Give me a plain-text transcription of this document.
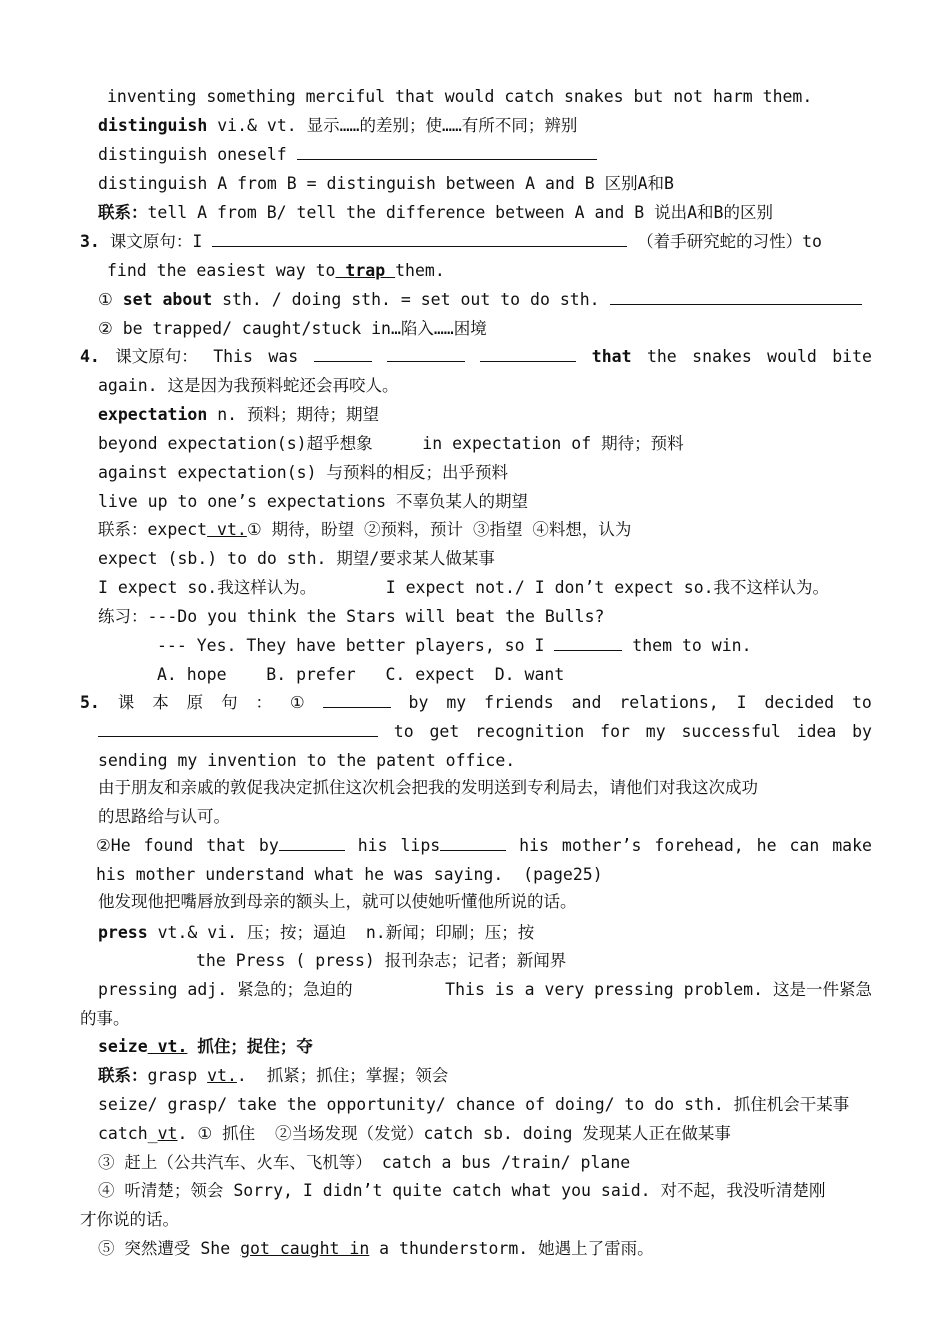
inventing something merciful that would catch snakes but not harm them.
distinguish vi.& vt. 显示……的差别；使……有所不同；辨别
distinguish oneself
distinguish A from B = distinguish between A and B 区别A和B
联系：tell A from B/ tell the difference between A and B 说出A和B的区别
3. 课文原句：I	（着手研究蛇的习性）to
find the easiest way to trap them.
① set about sth. / doing sth. = set out to do sth.
② be trapped/ caught/stuck in…陷入……困境
4. 课文原句： This was	that the snakes would bite
again. 这是因为我预料蛇还会再咬人。
expectation n. 预料；期待；期望
beyond expectation(s)超乎想象     in expectation of 期待；预料
against expectation(s) 与预料的相反；出乎预料
live up to one’s expectations 不辜负某人的期望
联系：expect vt.① 期待，盼望 ②预料，预计 ③指望 ④料想，认为
expect (sb.) to do sth. 期望/要求某人做某事
I expect so.我这样认为。       I expect not./ I don’t expect so.我不这样认为。
练习：---Do you think the Stars will beat the Bulls?
--- Yes. They have better players, so I	them to win.
A. hope    B. prefer   C. expect  D. want
5. 课 本 原 句 ： ①	by my friends and relations, I decided to
to get recognition for my successful idea by
sending my invention to the patent office.
由于朋友和亲戚的敦促我决定抓住这次机会把我的发明送到专利局去，请他们对我这次成功
的思路给与认可。
②He found that by	his lips	his mother’s forehead, he can make
his mother understand what he was saying.  (page25)
他发现他把嘴唇放到母亲的额头上，就可以使她听懂他所说的话。
press vt.& vi. 压；按；逼迫  n.新闻；印刷；压；按
the Press ( press) 报刊杂志；记者；新闻界
pressing adj. 紧急的；急迫的	This is a very pressing problem. 这是一件紧急
的事。
seize vt. 抓住；捉住；夺
联系：grasp vt..  抓紧；抓住；掌握；领会
seize/ grasp/ take the opportunity/ chance of doing/ to do sth. 抓住机会干某事
catch_vt. ① 抓住  ②当场发现（发觉）catch sb. doing 发现某人正在做某事
③ 赶上（公共汽车、火车、飞机等） catch a bus /train/ plane
④ 听清楚；领会 Sorry, I didn’t quite catch what you said. 对不起，我没听清楚刚
才你说的话。
⑤ 突然遭受 She got caught in a thunderstorm. 她遇上了雷雨。
